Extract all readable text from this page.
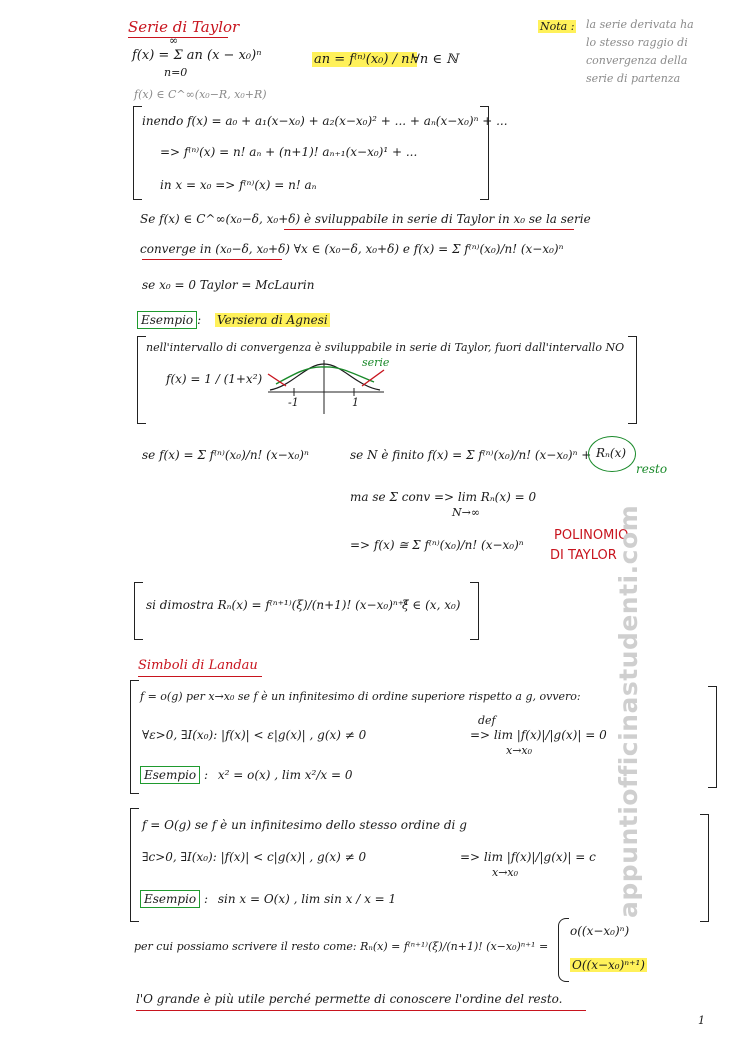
Serie di Taylor	Nota : la serie derivata ha
lo stesso raggio di
convergenza della
serie di partenza
f(x) = Σ an (x − x₀)ⁿ
∞
n=0
an = f⁽ⁿ⁾(x₀) / n!
∀n ∈ ℕ
f(x) ∈ C^∞(x₀−R, x₀+R)
inendo f(x) = a₀ + a₁(x−x₀) + a₂(x−x₀)² + ... + aₙ(x−x₀)ⁿ + ...
=> f⁽ⁿ⁾(x) = n! aₙ + (n+1)! aₙ₊₁(x−x₀)¹ + ...
in x = x₀ => f⁽ⁿ⁾(x) = n! aₙ
Se f(x) ∈ C^∞(x₀−δ, x₀+δ) è sviluppabile in serie di Taylor in x₀ se la serie
converge in (x₀−δ, x₀+δ) ∀x ∈ (x₀−δ, x₀+δ) e f(x) = Σ f⁽ⁿ⁾(x₀)/n! (x−x₀)ⁿ
se x₀ = 0 Taylor = McLaurin
Esempio : Versiera di Agnesi
nell'intervallo di convergenza è sviluppabile in serie di Taylor, fuori dall'intervallo NO
f(x) = 1 / (1+x²)
-1	1
serie
se f(x) = Σ f⁽ⁿ⁾(x₀)/n! (x−x₀)ⁿ	se N è finito f(x) = Σ f⁽ⁿ⁾(x₀)/n! (x−x₀)ⁿ + Rₙ(x)
resto
ma se Σ conv => lim Rₙ(x) = 0
N→∞
=> f(x) ≅ Σ f⁽ⁿ⁾(x₀)/n! (x−x₀)ⁿ
POLINOMIO
DI TAYLOR
si dimostra Rₙ(x) = f⁽ⁿ⁺¹⁾(ξ)/(n+1)! (x−x₀)ⁿ⁺¹
ξ ∈ (x, x₀)
Simboli di Landau
f = o(g) per x→x₀ se f è un infinitesimo di ordine superiore rispetto a g, ovvero:
∀ε>0, ∃I(x₀): |f(x)| < ε|g(x)| , g(x) ≠ 0
def
=> lim |f(x)|/|g(x)| = 0
x→x₀
Esempio : x² = o(x) , lim x²/x = 0
f = O(g) se f è un infinitesimo dello stesso ordine di g
∃c>0, ∃I(x₀): |f(x)| < c|g(x)| , g(x) ≠ 0	=> lim |f(x)|/|g(x)| = c
x→x₀
Esempio : sin x = O(x) , lim sin x / x = 1
per cui possiamo scrivere il resto come: Rₙ(x) = f⁽ⁿ⁺¹⁾(ξ)/(n+1)! (x−x₀)ⁿ⁺¹ =
o((x−x₀)ⁿ)
O((x−x₀)ⁿ⁺¹)
l'O grande è più utile perché permette di conoscere l'ordine del resto.
appuntiofficinastudenti.com
1
